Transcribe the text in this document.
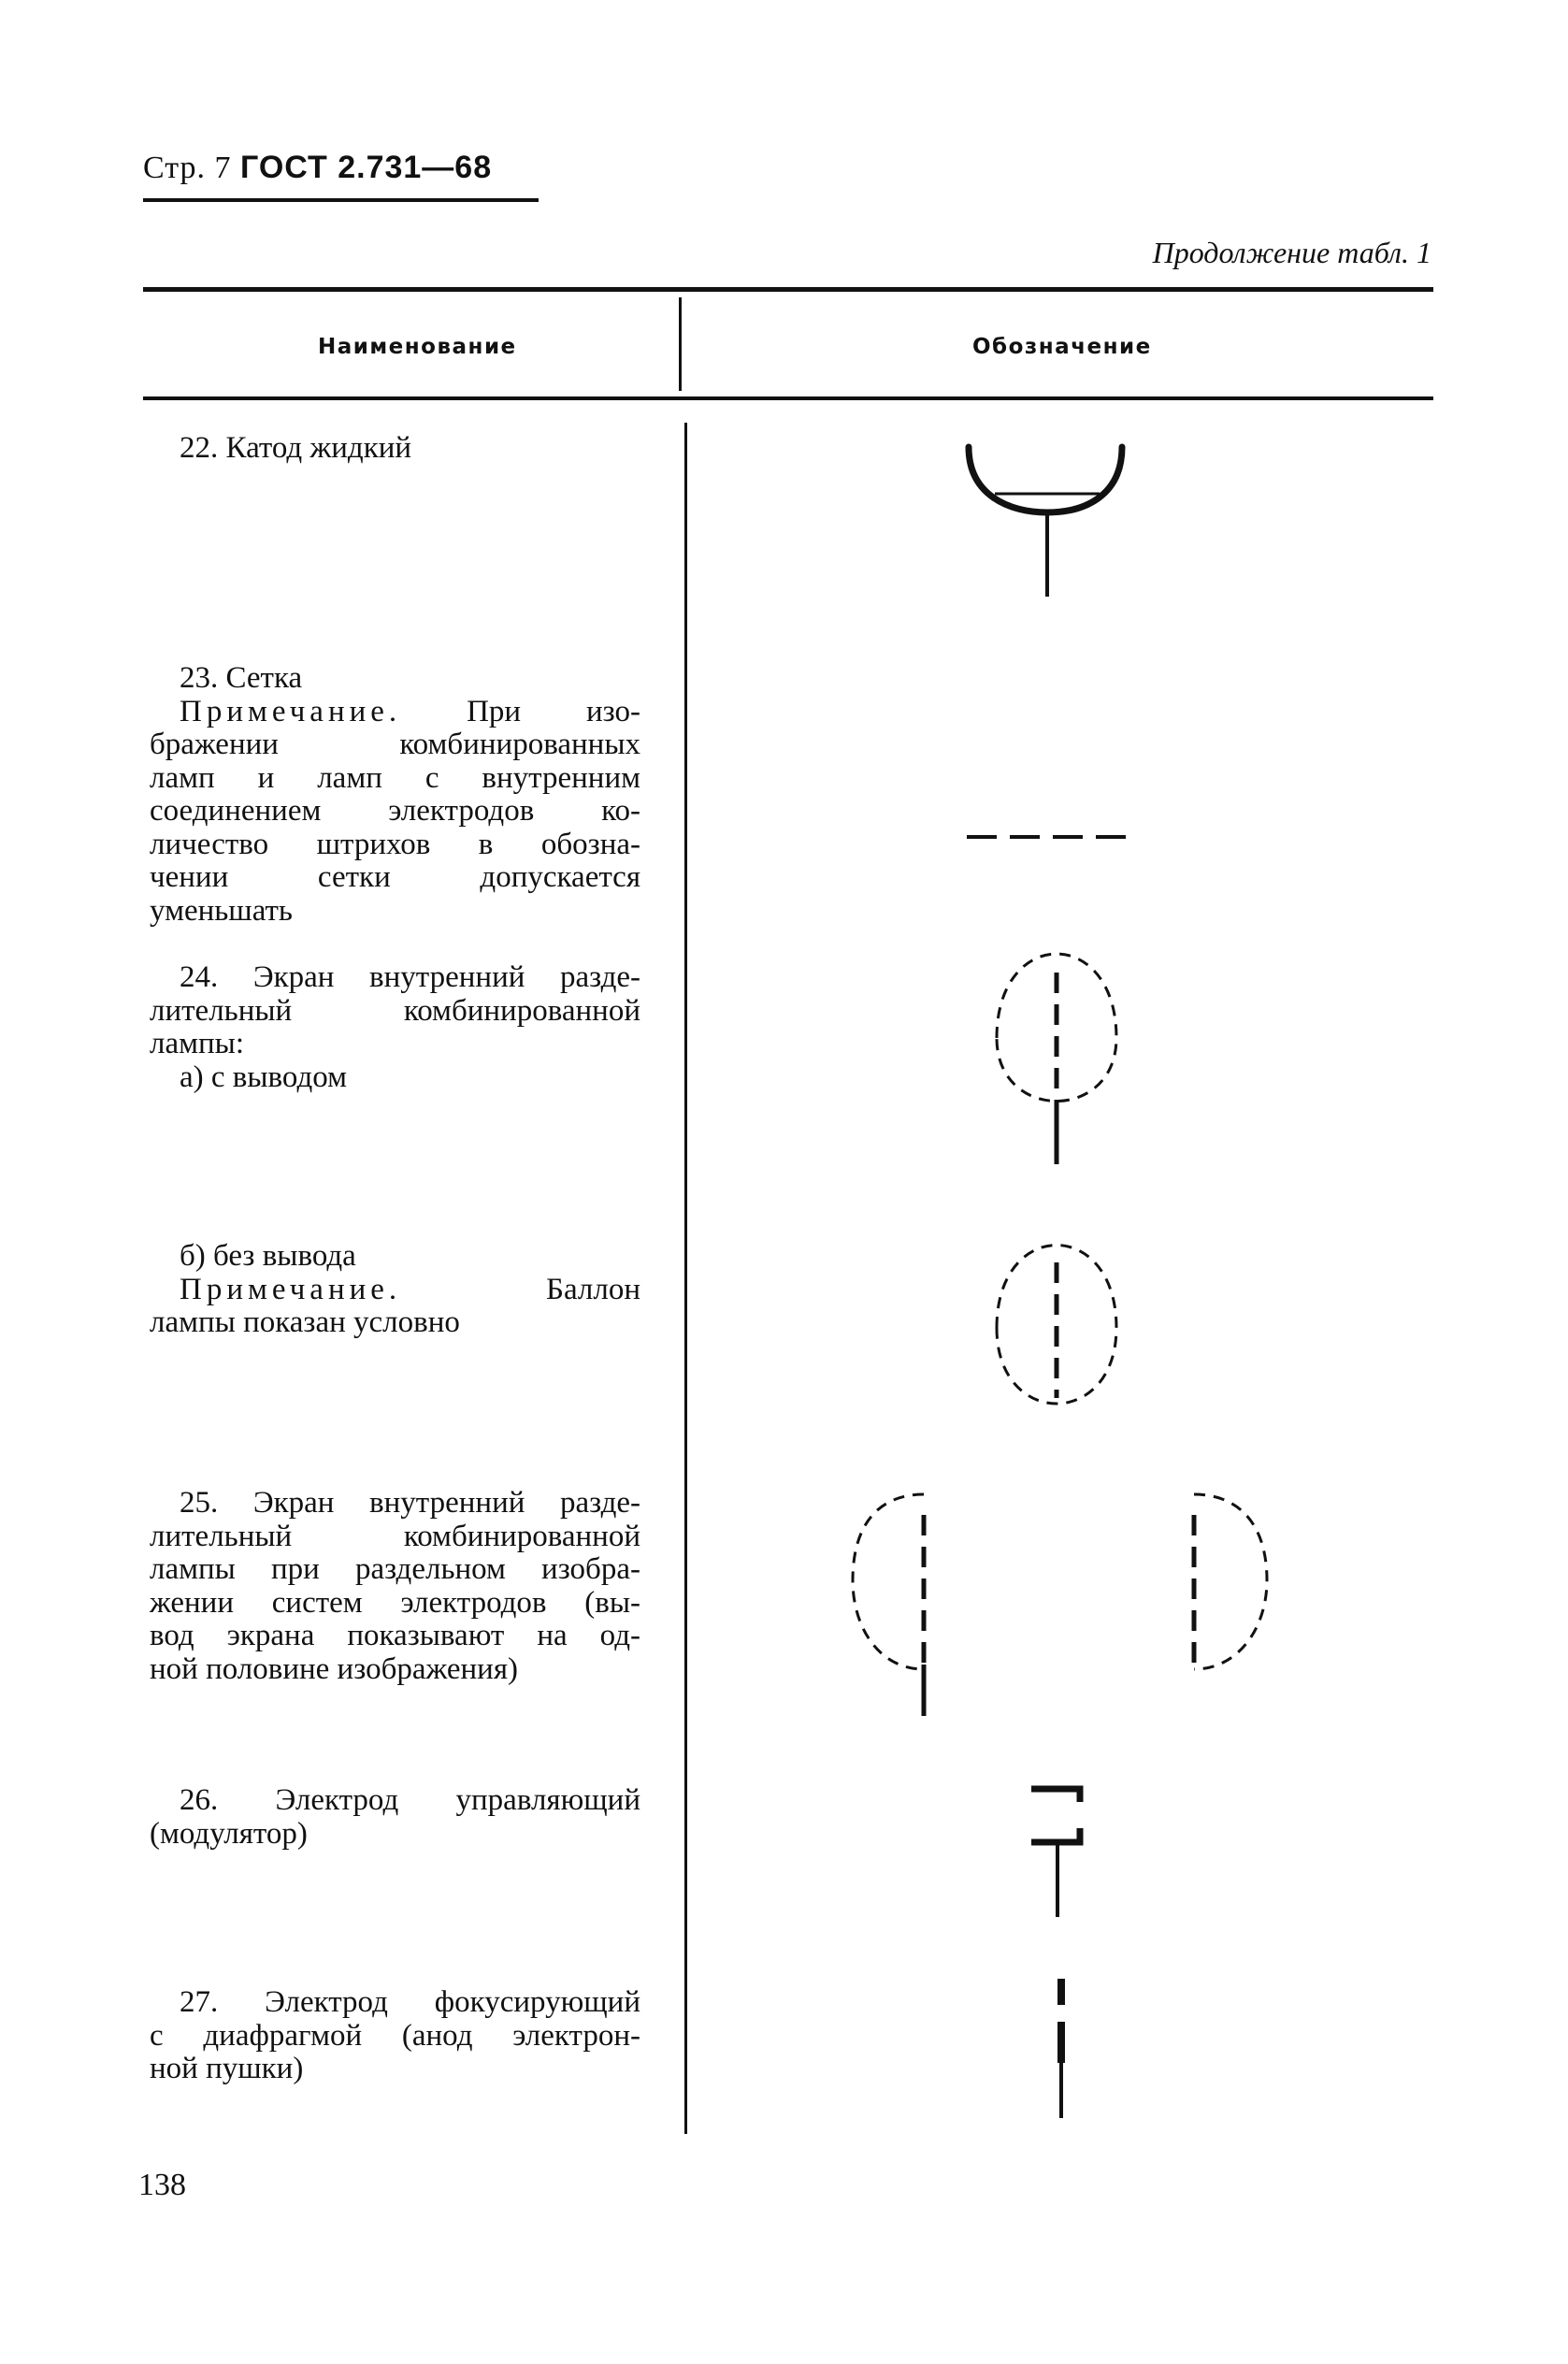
Стр. 7 ГОСТ 2.731—68
Продолжение табл. 1
Наименование	Обозначение

22. Катод жидкий

23. Сетка

Примечание. При изо-

бражении комбинированных

ламп и ламп с внутренним

соединением электродов ко-

личество штрихов в обозна-

чении сетки допускается

уменьшать

24. Экран внутренний разде-

лительный комбинированной

лампы:

а) с выводом

б) без вывода

Примечание.	Баллон

лампы показан условно

25. Экран внутренний разде-

лительный комбинированной

лампы при раздельном изобра-

жении систем электродов (вы-

вод экрана показывают на од-

ной половине изображения)

26. Электрод управляющий

(модулятор)

27. Электрод фокусирующий

с диафрагмой (анод электрон-

ной пушки)

138
